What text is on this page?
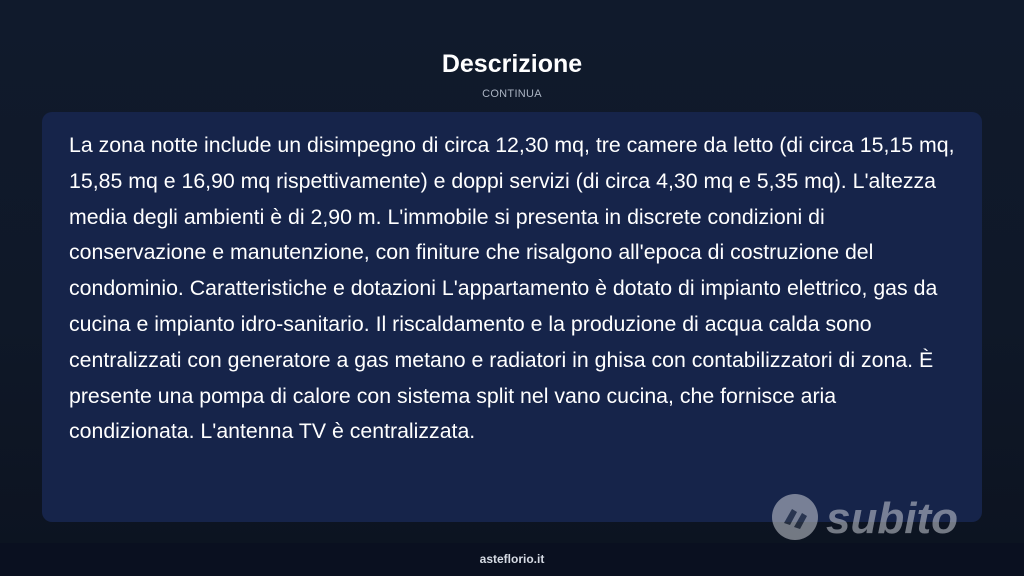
Descrizione
CONTINUA

La zona notte include un disimpegno di circa 12,30 mq, tre camere da letto (di circa 15,15 mq, 15,85 mq e 16,90 mq rispettivamente) e doppi servizi (di circa 4,30 mq e 5,35 mq). L'altezza media degli ambienti è di 2,90 m. L'immobile si presenta in discrete condizioni di conservazione e manutenzione, con finiture che risalgono all'epoca di costruzione del condominio. Caratteristiche e dotazioni L'appartamento è dotato di impianto elettrico, gas da cucina e impianto idro-sanitario. Il riscaldamento e la produzione di acqua calda sono centralizzati con generatore a gas metano e radiatori in ghisa con contabilizzatori di zona. È presente una pompa di calore con sistema split nel vano cucina, che fornisce aria condizionata. L'antenna TV è centralizzata.

asteflorio.it
subito
